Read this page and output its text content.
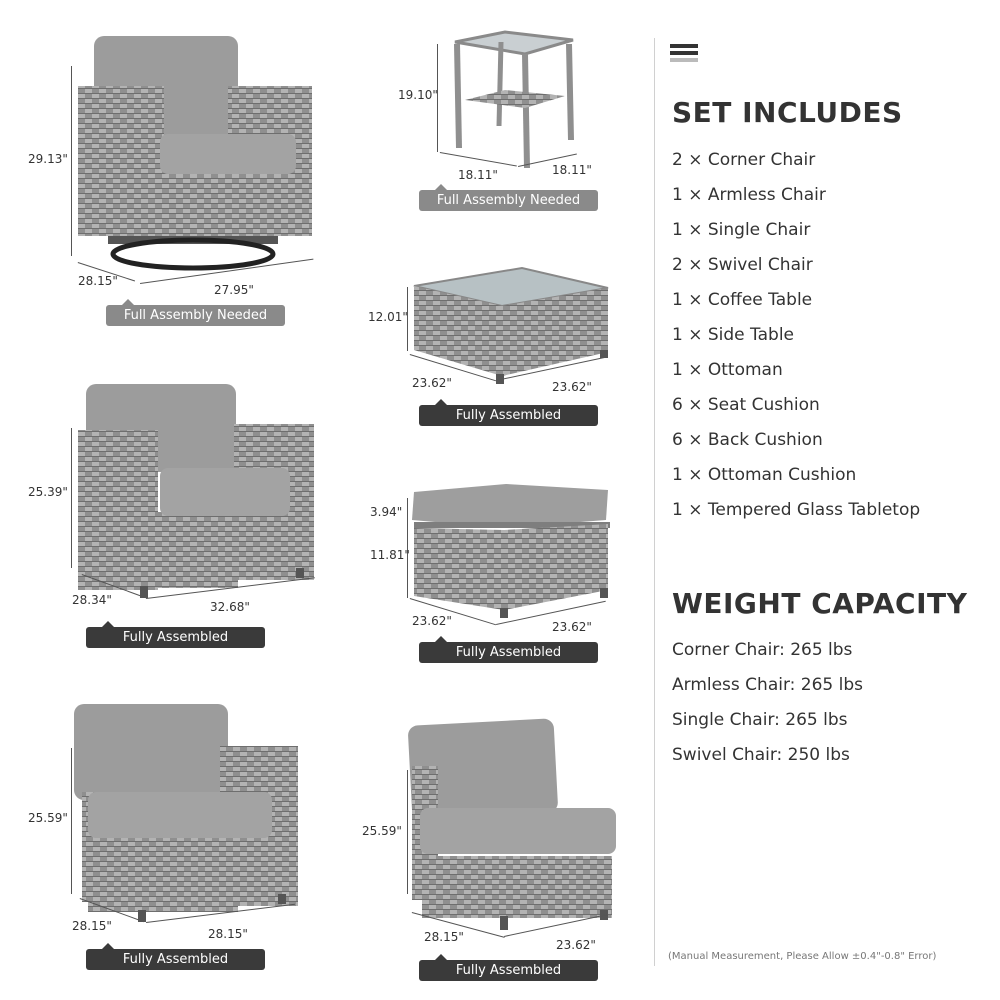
29.13"
28.15"
27.95"
Full Assembly Needed
19.10"
18.11"	18.11"
Full Assembly Needed
12.01"
23.62"	23.62"
Fully Assembled
25.39"
28.34"	32.68"
Fully Assembled
3.94"
11.81"
23.62"	23.62"
Fully Assembled
25.59"
28.15"
28.15"
Fully Assembled
25.59"
28.15"
23.62"
Fully Assembled
SET INCLUDES
2 × Corner Chair
1 × Armless Chair
1 × Single Chair
2 × Swivel Chair
1 × Coffee Table
1 × Side Table
1 × Ottoman
6 × Seat Cushion
6 × Back Cushion
1 × Ottoman Cushion
1 × Tempered Glass Tabletop
WEIGHT CAPACITY
Corner Chair: 265 lbs
Armless Chair: 265 lbs
Single Chair: 265 lbs
Swivel Chair: 250 lbs
(Manual Measurement, Please Allow ±0.4"-0.8" Error)
